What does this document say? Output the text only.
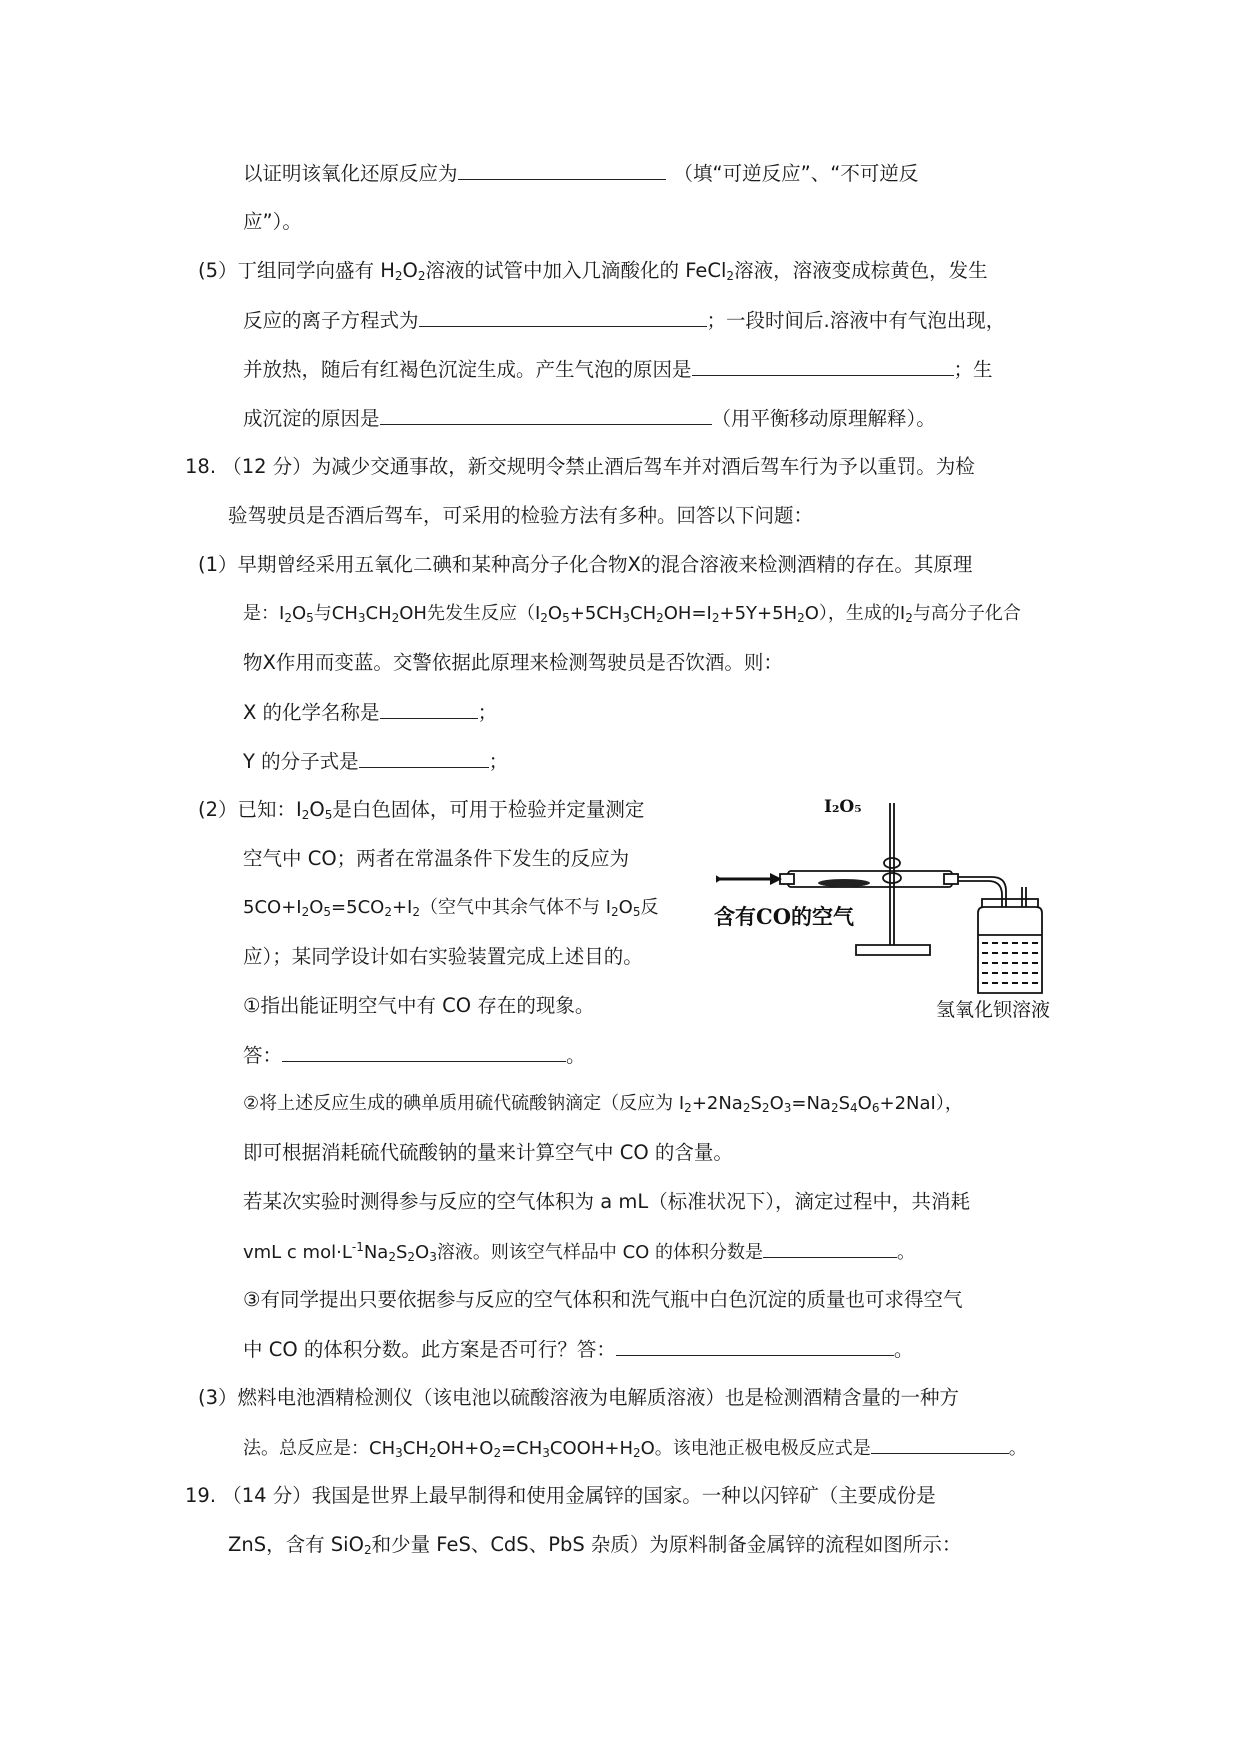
以证明该氧化还原反应为	（填“可逆反应”、“不可逆反
应”）。
(5）丁组同学向盛有 $H_2O_2$溶液的试管中加入几滴酸化的 FeCl$_2$溶液，溶液变成棕黄色，发生
反应的离子方程式为	；一段时间后.溶液中有气泡出现，
并放热，随后有红褐色沉淀生成。产生气泡的原因是	；生
成沉淀的原因是	（用平衡移动原理解释）。
18. （12 分）为减少交通事故，新交规明令禁止酒后驾车并对酒后驾车行为予以重罚。为检
验驾驶员是否酒后驾车，可采用的检验方法有多种。回答以下问题：
(1）早期曾经采用五氧化二碘和某种高分子化合物X的混合溶液来检测酒精的存在。其原理
是：$I_2O_5$与$CH_3CH_2OH$先发生反应$(I_2O_5+5CH_3CH_2OH=I_2+5Y+5H_2O)$，生成的$I_2$与高分子化合
物X作用而变蓝。交警依据此原理来检测驾驶员是否饮酒。则：
X 的化学名称是	；
Y 的分子式是	；
(2）已知：$I_2O_5$是白色固体，可用于检验并定量测定
空气中 CO；两者在常温条件下发生的反应为
$5CO+I_2O_5=5CO_2+I_2$（空气中其余气体不与 $I_2O_5$反
应）；某同学设计如右实验装置完成上述目的。
①指出能证明空气中有 CO 存在的现象。
答：	。
②将上述反应生成的碘单质用硫代硫酸钠滴定（反应为 $I_2+2Na_2S_2O_3=Na_2S_4O_6+2NaI$），
即可根据消耗硫代硫酸钠的量来计算空气中 CO 的含量。
若某次实验时测得参与反应的空气体积为 a mL（标准状况下），滴定过程中，共消耗
vmL c $mol\cdot L^{-1}Na_2S_2O_3$溶液。则该空气样品中 CO 的体积分数是	。
③有同学提出只要依据参与反应的空气体积和洗气瓶中白色沉淀的质量也可求得空气
中 CO 的体积分数。此方案是否可行？答：	。
(3）燃料电池酒精检测仪（该电池以硫酸溶液为电解质溶液）也是检测酒精含量的一种方
法。总反应是：$CH_3CH_2OH+O_2=CH_3COOH+H_2O$。该电池正极电极反应式是	。
19. （14 分）我国是世界上最早制得和使用金属锌的国家。一种以闪锌矿（主要成份是
ZnS，含有 SiO$_2$和少量 FeS、CdS、PbS 杂质）为原料制备金属锌的流程如图所示：
I₂O₅
含有CO的空气
氢氧化钡溶液
